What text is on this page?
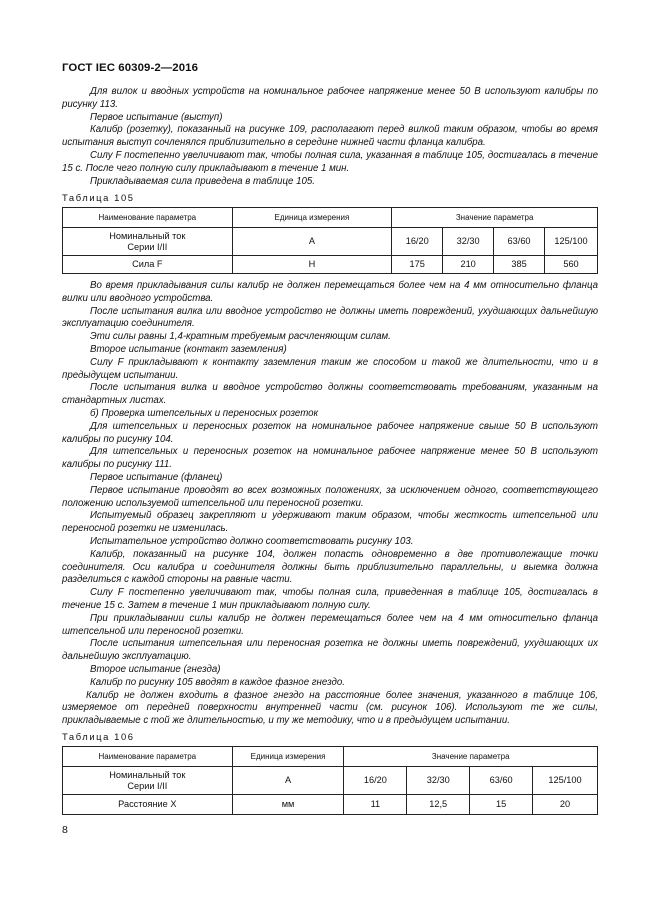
ГОСТ IEC 60309-2—2016

Для вилок и вводных устройств на номинальное рабочее напряжение менее 50 В используют калибры по рисунку 113.

Первое испытание (выступ)

Калибр (розетку), показанный на рисунке 109, располагают перед вилкой таким образом, чтобы во время испытания выступ сочленялся приблизительно в середине нижней части фланца калибра.

Силу F постепенно увеличивают так, чтобы полная сила, указанная в таблице 105, достигалась в течение 15 с. После чего полную силу прикладывают в течение 1 мин.

Прикладываемая сила приведена в таблице 105.

Таблица 105
Наименование параметра	Единица измерения	Значение параметра			
Номинальный ток
Серии I/II	А	16/20	32/30	63/60	125/100
Сила F	Н	175	210	385	560

Во время прикладывания силы калибр не должен перемещаться более чем на 4 мм относительно фланца вилки или вводного устройства.

После испытания вилка или вводное устройство не должны иметь повреждений, ухудшающих дальнейшую эксплуатацию соединителя.

Эти силы равны 1,4-кратным требуемым расчленяющим силам.

Второе испытание (контакт заземления)

Силу F прикладывают к контакту заземления таким же способом и такой же длительности, что и в предыдущем испытании.

После испытания вилка и вводное устройство должны соответствовать требованиям, указанным на стандартных листах.

б) Проверка штепсельных и переносных розеток

Для штепсельных и переносных розеток на номинальное рабочее напряжение свыше 50 В используют калибры по рисунку 104.

Для штепсельных и переносных розеток на номинальное рабочее напряжение менее 50 В используют калибры по рисунку 111.

Первое испытание (фланец)

Первое испытание проводят во всех возможных положениях, за исключением одного, соответствующего положению используемой штепсельной или переносной розетки.

Испытуемый образец закрепляют и удерживают таким образом, чтобы жесткость штепсельной или переносной розетки не изменилась.

Испытательное устройство должно соответствовать рисунку 103.

Калибр, показанный на рисунке 104, должен попасть одновременно в две противолежащие точки соединителя. Оси калибра и соединителя должны быть приблизительно параллельны, и выемка должна разделиться с каждой стороны на равные части.

Силу F постепенно увеличивают так, чтобы полная сила, приведенная в таблице 105, достигалась в течение 15 с. Затем в течение 1 мин прикладывают полную силу.

При прикладывании силы калибр не должен перемещаться более чем на 4 мм относительно фланца штепсельной или переносной розетки.

После испытания штепсельная или переносная розетка не должны иметь повреждений, ухудшающих их дальнейшую эксплуатацию.

Второе испытание (гнезда)

Калибр по рисунку 105 вводят в каждое фазное гнездо.

Калибр не должен входить в фазное гнездо на расстояние более значения, указанного в таблице 106, измеряемое от передней поверхности внутренней части (см. рисунок 106). Используют те же силы, прикладываемые с той же длительностью, и ту же методику, что и в предыдущем испытании.

Таблица 106
Наименование параметра	Единица измерения	Значение параметра			
Номинальный ток
Серии I/II	А	16/20	32/30	63/60	125/100
Расстояние X	мм	11	12,5	15	20
8
